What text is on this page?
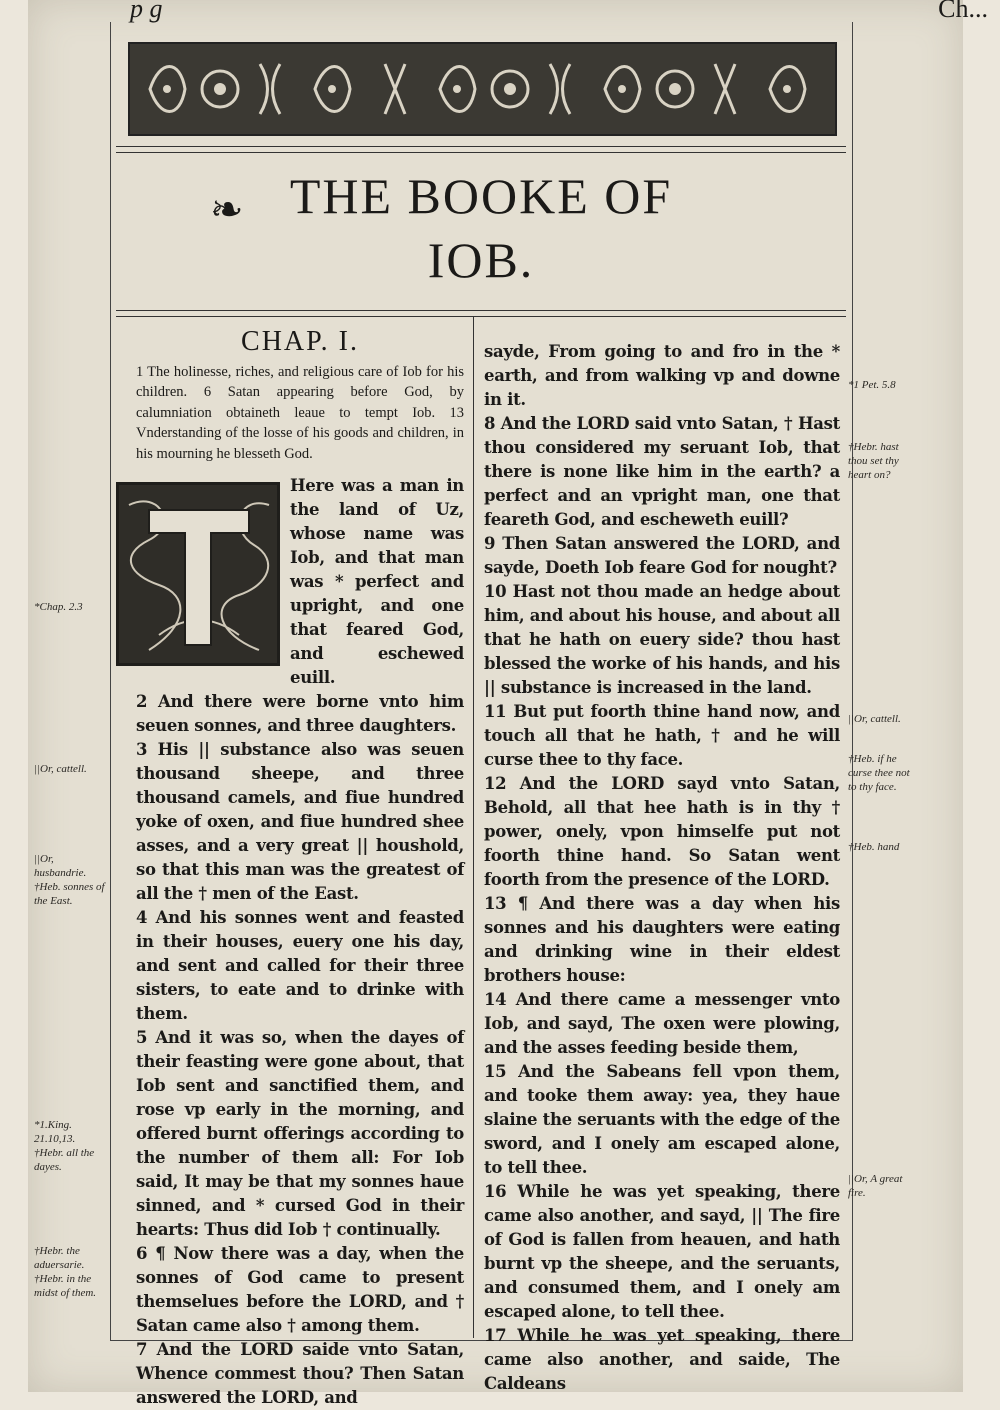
❧ THE BOOKE OF
IOB.
CHAP. I.
1 The holinesse, riches, and religious care of Iob for his children. 6 Satan appearing before God, by calumniation obtaineth leaue to tempt Iob. 13 Vnderstanding of the losse of his goods and children, in his mourning he blesseth God.

Here was a man in the land of Uz, whose name was Iob, and that man was * perfect and upright, and one that feared God, and eschewed euill.

2 And there were borne vnto him seuen sonnes, and three daughters.

3 His || substance also was seuen thousand sheepe, and three thousand camels, and fiue hundred yoke of oxen, and fiue hundred shee asses, and a very great || houshold, so that this man was the greatest of all the † men of the East.

4 And his sonnes went and feasted in their houses, euery one his day, and sent and called for their three sisters, to eate and to drinke with them.

5 And it was so, when the dayes of their feasting were gone about, that Iob sent and sanctified them, and rose vp early in the morning, and offered burnt offerings according to the number of them all: For Iob said, It may be that my sonnes haue sinned, and * cursed God in their hearts: Thus did Iob † continually.

6 ¶ Now there was a day, when the sonnes of God came to present themselues before the LORD, and † Satan came also † among them.

7 And the LORD saide vnto Satan, Whence commest thou? Then Satan answered the LORD, and

sayde, From going to and fro in the * earth, and from walking vp and downe in it.

8 And the LORD said vnto Satan, † Hast thou considered my seruant Iob, that there is none like him in the earth? a perfect and an vpright man, one that feareth God, and escheweth euill?

9 Then Satan answered the LORD, and sayde, Doeth Iob feare God for nought?

10 Hast not thou made an hedge about him, and about his house, and about all that he hath on euery side? thou hast blessed the worke of his hands, and his || substance is increased in the land.

11 But put foorth thine hand now, and touch all that he hath, † and he will curse thee to thy face.

12 And the LORD sayd vnto Satan, Behold, all that hee hath is in thy † power, onely, vpon himselfe put not foorth thine hand. So Satan went foorth from the presence of the LORD.

13 ¶ And there was a day when his sonnes and his daughters were eating and drinking wine in their eldest brothers house:

14 And there came a messenger vnto Iob, and sayd, The oxen were plowing, and the asses feeding beside them,

15 And the Sabeans fell vpon them, and tooke them away: yea, they haue slaine the seruants with the edge of the sword, and I onely am escaped alone, to tell thee.

16 While he was yet speaking, there came also another, and sayd, || The fire of God is fallen from heauen, and hath burnt vp the sheepe, and the seruants, and consumed them, and I onely am escaped alone, to tell thee.

17 While he was yet speaking, there came also another, and saide, The Caldeans

*Chap. 2.3
||Or, cattell.
||Or, husbandrie. †Heb. sonnes of the East.
*1.King. 21.10,13. †Hebr. all the dayes.
†Hebr. the aduersarie. †Hebr. in the midst of them.
*1 Pet. 5.8
†Hebr. hast thou set thy heart on?
||Or, cattell.
†Heb. if he curse thee not to thy face.
†Heb. hand
||Or, A great fire.
p g	Ch...
